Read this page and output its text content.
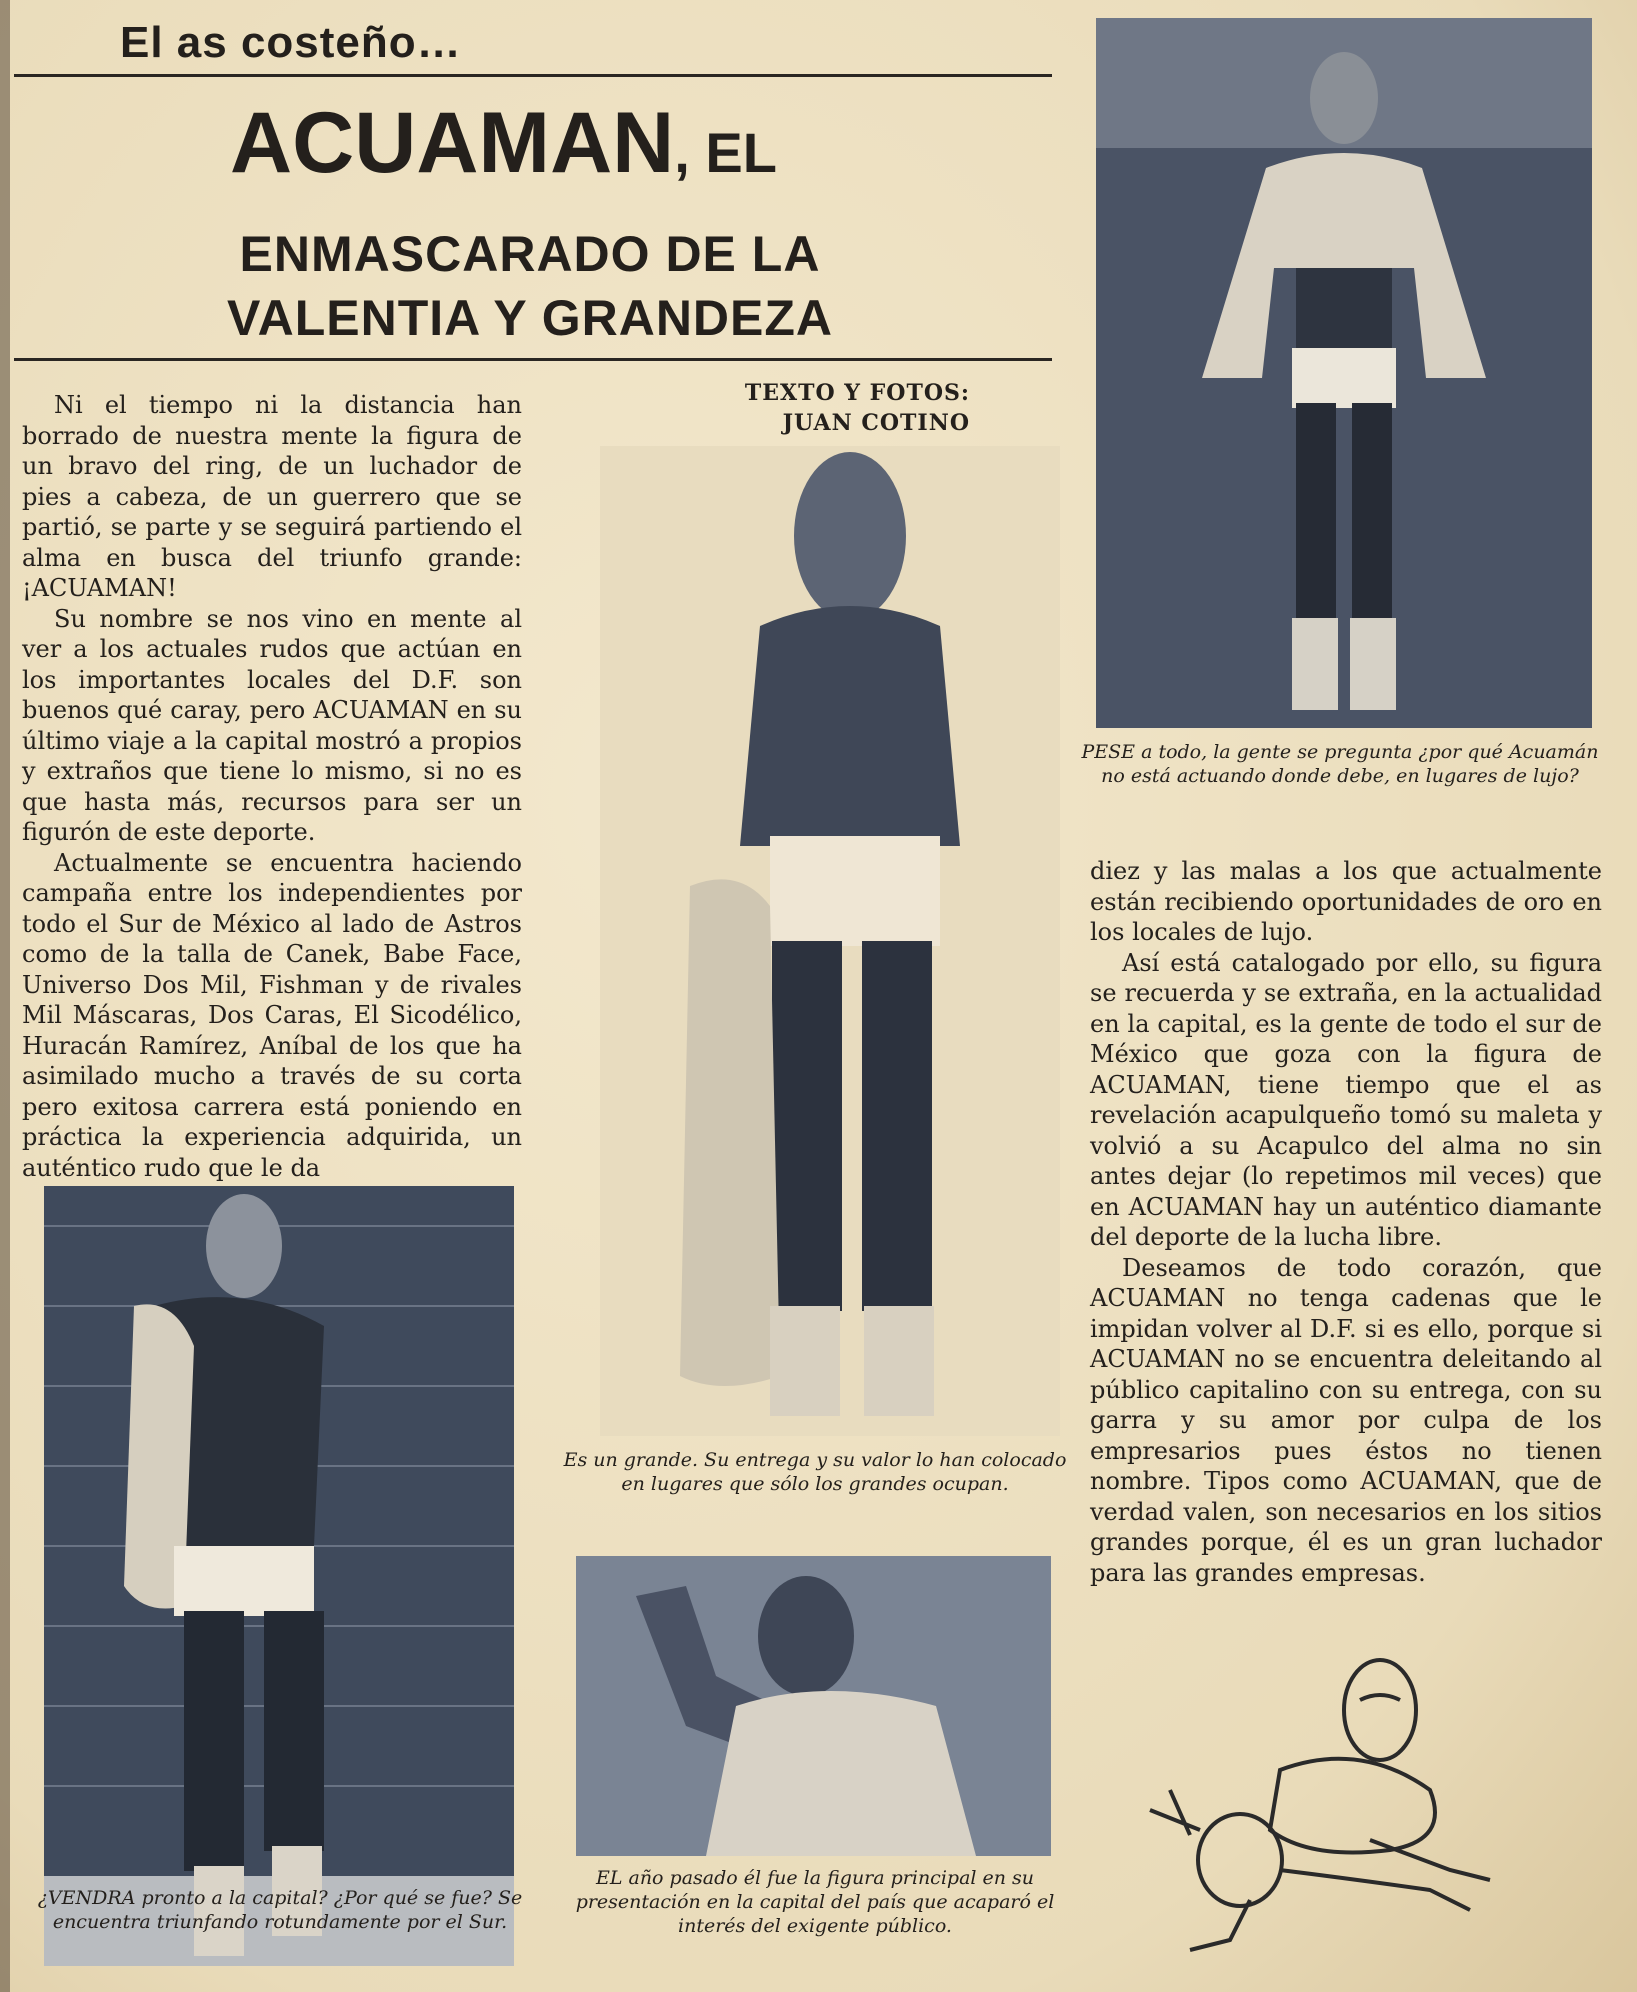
El as costeño…
ACUAMAN, EL
ENMASCARADO DE LA
VALENTIA Y GRANDEZA
TEXTO Y FOTOS:
JUAN COTINO

Ni el tiempo ni la distancia han borrado de nuestra mente la figura de un bravo del ring, de un luchador de pies a cabeza, de un guerrero que se partió, se parte y se seguirá partiendo el alma en busca del triunfo grande: ¡ACUAMAN!

Su nombre se nos vino en mente al ver a los actuales rudos que actúan en los importantes locales del D.F. son buenos qué caray, pero ACUAMAN en su último viaje a la capital mostró a propios y extraños que tiene lo mismo, si no es que hasta más, recursos para ser un figurón de este deporte.

Actualmente se encuentra haciendo campaña entre los independientes por todo el Sur de México al lado de Astros como de la talla de Canek, Babe Face, Universo Dos Mil, Fishman y de rivales Mil Máscaras, Dos Caras, El Sicodélico, Huracán Ramírez, Aníbal de los que ha asimilado mucho a través de su corta pero exitosa carrera está poniendo en práctica la experiencia adquirida, un auténtico rudo que le da

PESE a todo, la gente se pregunta ¿por qué Acuamán no está actuando donde debe, en lugares de lujo?

diez y las malas a los que actualmente están recibiendo oportunidades de oro en los locales de lujo.

Así está catalogado por ello, su figura se recuerda y se extraña, en la actualidad en la capital, es la gente de todo el sur de México que goza con la figura de ACUAMAN, tiene tiempo que el as revelación acapulqueño tomó su maleta y volvió a su Acapulco del alma no sin antes dejar (lo repetimos mil veces) que en ACUAMAN hay un auténtico diamante del deporte de la lucha libre.

Deseamos de todo corazón, que ACUAMAN no tenga cadenas que le impidan volver al D.F. si es ello, porque si ACUAMAN no se encuentra deleitando al público capitalino con su entrega, con su garra y su amor por culpa de los empresarios pues éstos no tienen nombre. Tipos como ACUAMAN, que de verdad valen, son necesarios en los sitios grandes porque, él es un gran luchador para las grandes empresas.

Es un grande. Su entrega y su valor lo han colocado en lugares que sólo los grandes ocupan.
¿VENDRA pronto a la capital? ¿Por qué se fue? Se encuentra triunfando rotundamente por el Sur.
EL año pasado él fue la figura principal en su presentación en la capital del país que acaparó el interés del exigente público.
